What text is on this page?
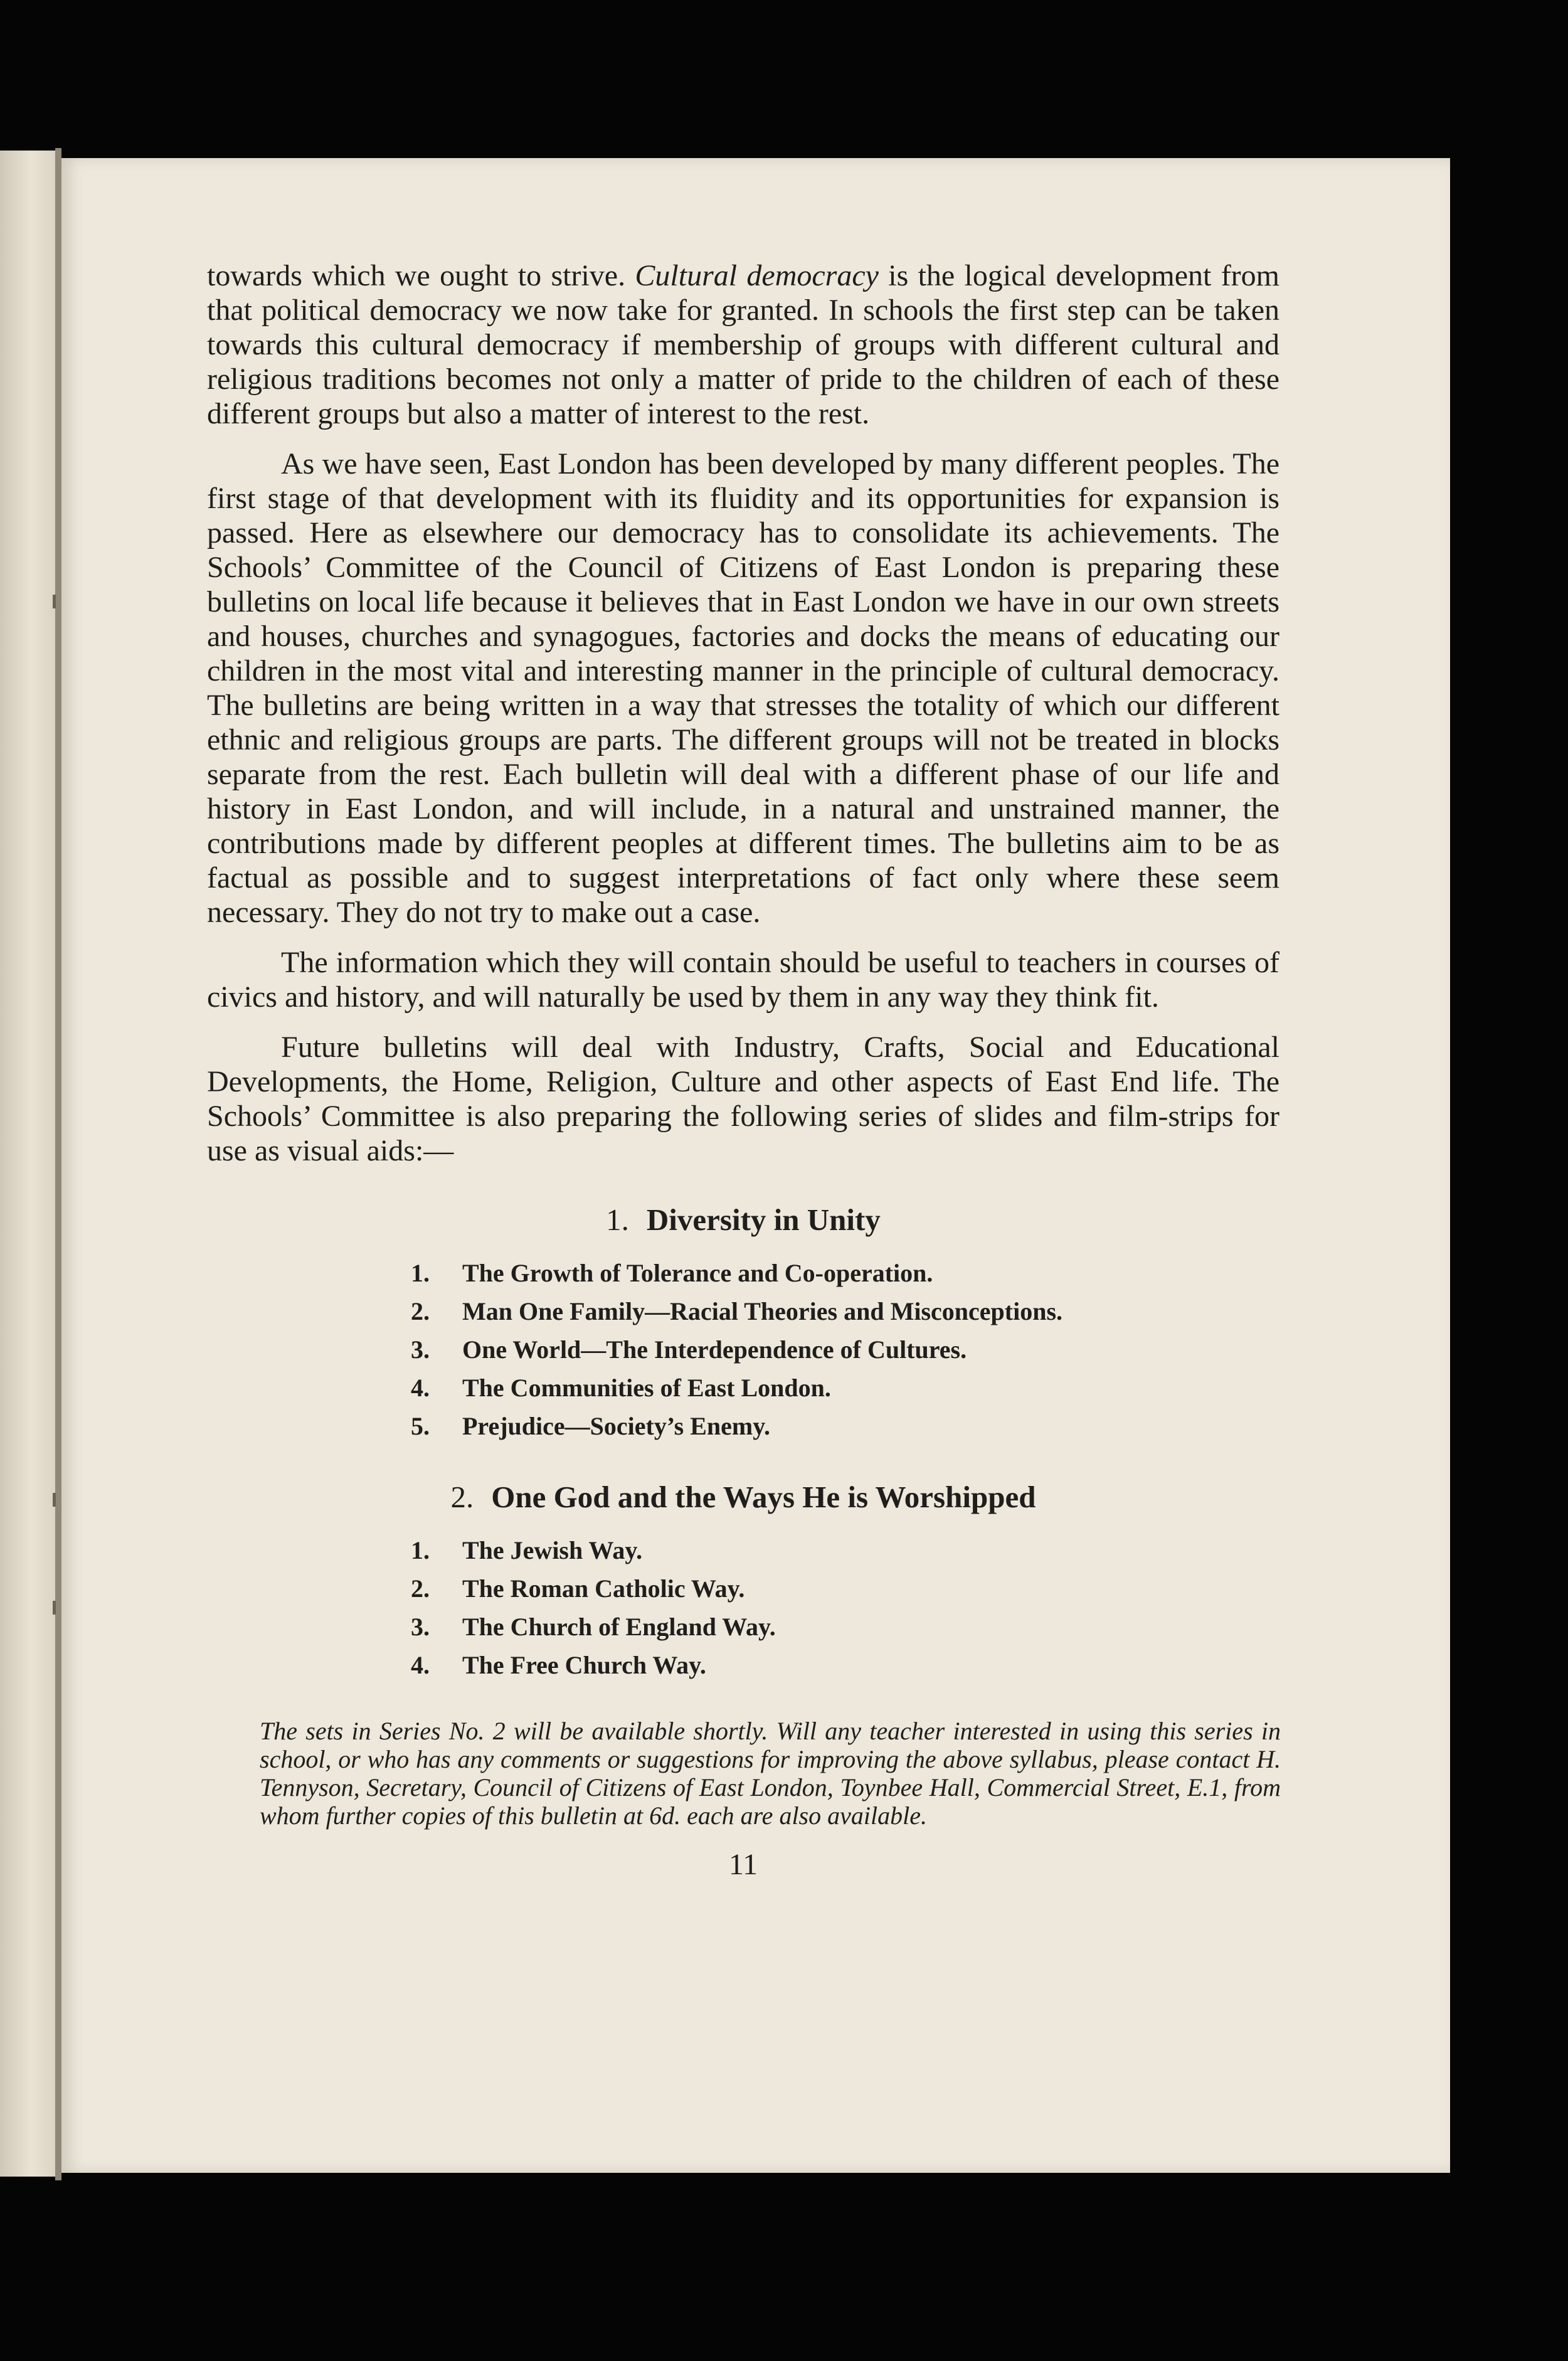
towards which we ought to strive. Cultural democracy is the logical development from that political democracy we now take for granted. In schools the first step can be taken towards this cultural democracy if membership of groups with different cultural and religious traditions becomes not only a matter of pride to the children of each of these different groups but also a matter of interest to the rest.

As we have seen, East London has been developed by many different peoples. The first stage of that development with its fluidity and its opportunities for expansion is passed. Here as elsewhere our democracy has to consolidate its achievements. The Schools’ Committee of the Council of Citizens of East London is preparing these bulletins on local life because it believes that in East London we have in our own streets and houses, churches and synagogues, factories and docks the means of educating our children in the most vital and interesting manner in the principle of cultural democracy. The bulletins are being written in a way that stresses the totality of which our different ethnic and religious groups are parts. The different groups will not be treated in blocks separate from the rest. Each bulletin will deal with a different phase of our life and history in East London, and will include, in a natural and unstrained manner, the contributions made by different peoples at different times. The bulletins aim to be as factual as possible and to suggest interpretations of fact only where these seem necessary. They do not try to make out a case.

The information which they will contain should be useful to teachers in courses of civics and history, and will naturally be used by them in any way they think fit.

Future bulletins will deal with Industry, Crafts, Social and Educational Developments, the Home, Religion, Culture and other aspects of East End life. The Schools’ Committee is also preparing the following series of slides and film-strips for use as visual aids:—

1. Diversity in Unity
1. The Growth of Tolerance and Co-operation.
2. Man One Family—Racial Theories and Misconceptions.
3. One World—The Interdependence of Cultures.
4. The Communities of East London.
5. Prejudice—Society’s Enemy.
2. One God and the Ways He is Worshipped
1. The Jewish Way.
2. The Roman Catholic Way.
3. The Church of England Way.
4. The Free Church Way.

The sets in Series No. 2 will be available shortly. Will any teacher interested in using this series in school, or who has any comments or suggestions for improving the above syllabus, please contact H. Tennyson, Secretary, Council of Citizens of East London, Toynbee Hall, Commercial Street, E.1, from whom further copies of this bulletin at 6d. each are also available.

11
